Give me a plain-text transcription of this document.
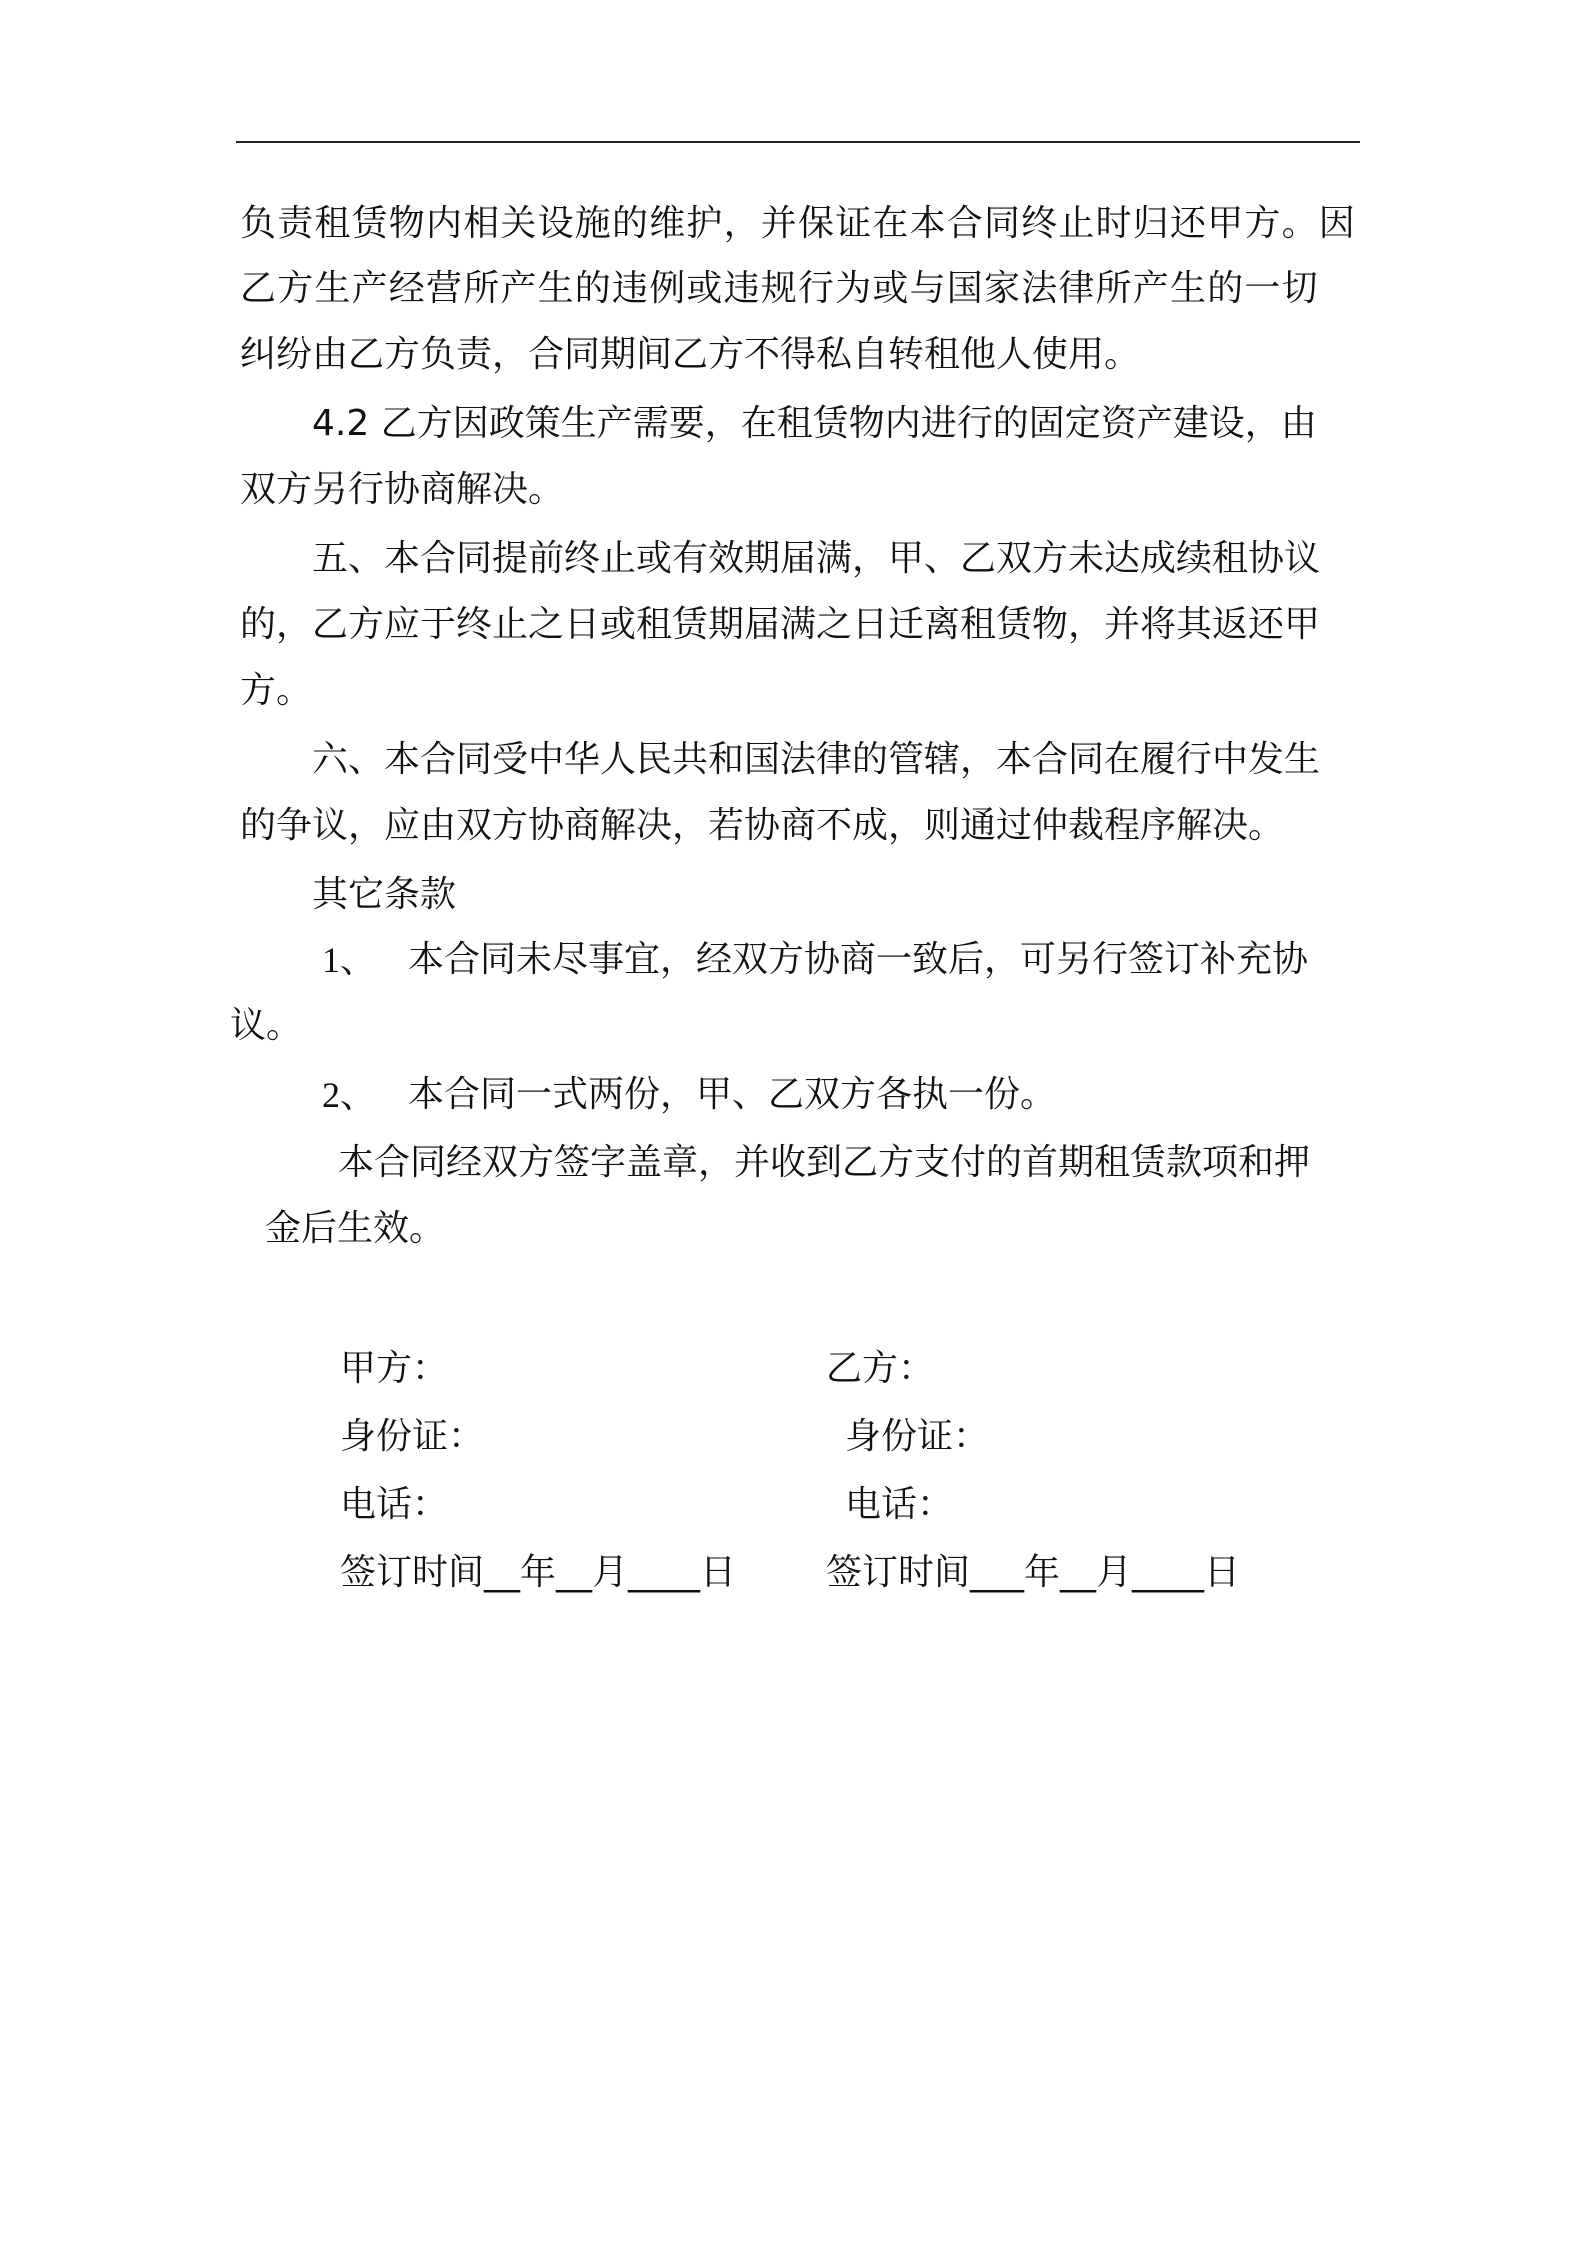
负责租赁物内相关设施的维护，并保证在本合同终止时归还甲方。因
乙方生产经营所产生的违例或违规行为或与国家法律所产生的一切
纠纷由乙方负责，合同期间乙方不得私自转租他人使用。
4.2 乙方因政策生产需要，在租赁物内进行的固定资产建设，由
双方另行协商解决。
五、本合同提前终止或有效期届满，甲、乙双方未达成续租协议
的，乙方应于终止之日或租赁期届满之日迁离租赁物，并将其返还甲
方。
六、本合同受中华人民共和国法律的管辖，本合同在履行中发生
的争议，应由双方协商解决，若协商不成，则通过仲裁程序解决。
其它条款
1、 本合同未尽事宜，经双方协商一致后，可另行签订补充协
议。
2、 本合同一式两份，甲、乙双方各执一份。
本合同经双方签字盖章，并收到乙方支付的首期租赁款项和押
金后生效。
甲方：	乙方：
身份证：	身份证：
电话：	电话：
签订时间__年__月____日 签订时间___年__月____日
